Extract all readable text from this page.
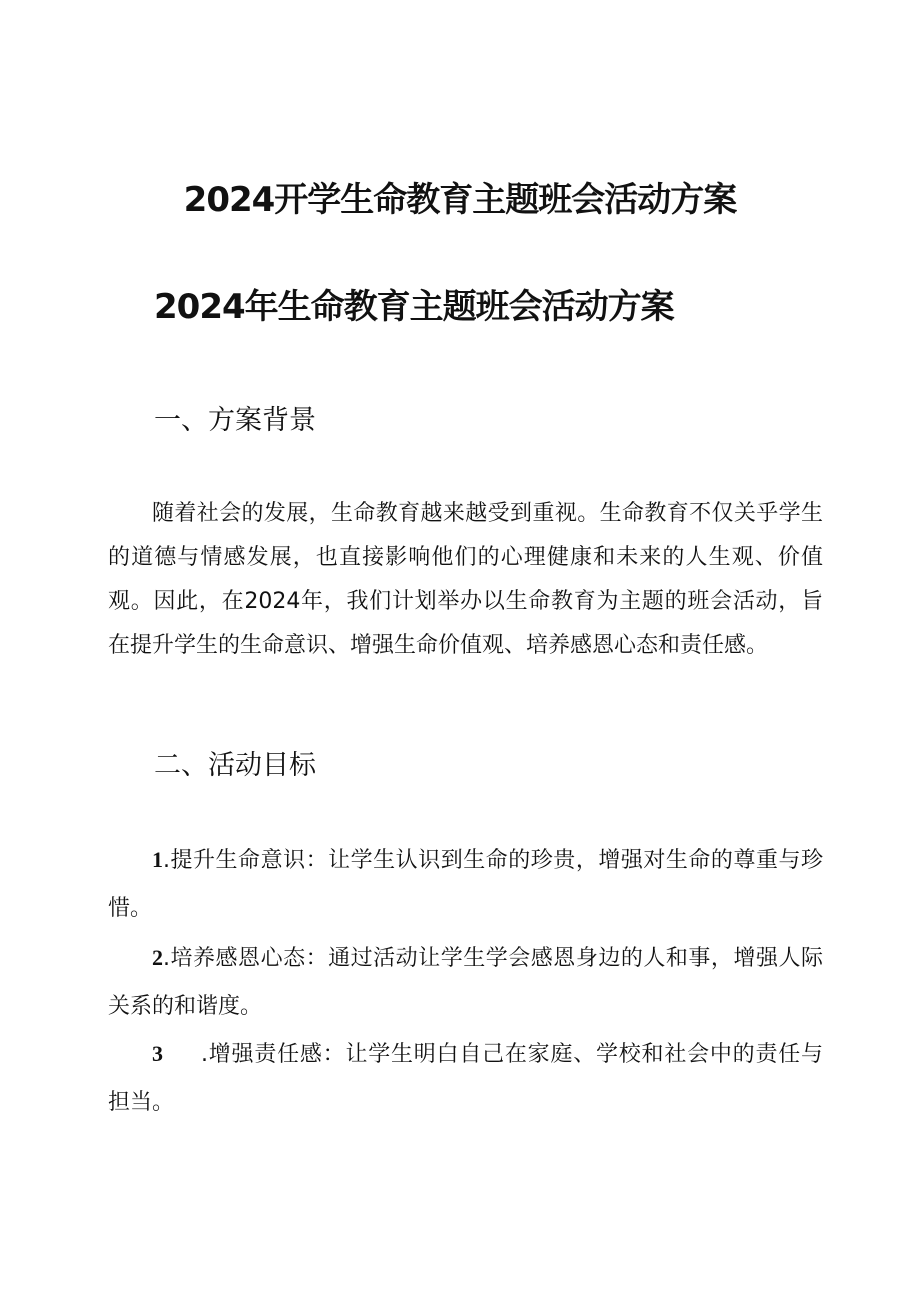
2024开学生命教育主题班会活动方案
2024年生命教育主题班会活动方案
一、方案背景

随着社会的发展，生命教育越来越受到重视。生命教育不仅关乎学生的道德与情感发展，也直接影响他们的心理健康和未来的人生观、价值观。因此，在2024年，我们计划举办以生命教育为主题的班会活动，旨在提升学生的生命意识、增强生命价值观、培养感恩心态和责任感。

二、活动目标

1.提升生命意识：让学生认识到生命的珍贵，增强对生命的尊重与珍惜。

2.培养感恩心态：通过活动让学生学会感恩身边的人和事，增强人际关系的和谐度。

3 .增强责任感：让学生明白自己在家庭、学校和社会中的责任与担当。
